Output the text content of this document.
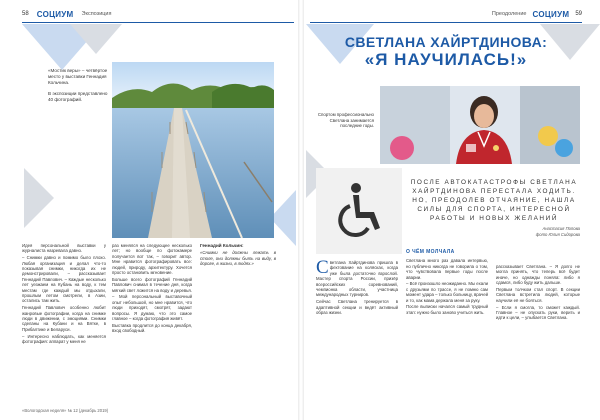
58 СОЦИУМ Экспозиция

«Мостик веры» – четвёртое место у выставки Геннадия Кольчина.

В экспозиции представлено 40 фотографий.

Идея персональной выставки у журналиста назревала давно.

– Снимки давно и помимо было плохо. Любая организация и делал что-то показывая снимки, никогда их не демонстрировали, – рассказывает Геннадий Павлович. – Каждые несколько лет уезжаем на Кубань на воду, к тем местам где каждый мы отдыхали, прошлым летом смотрели, в Азии, остались там жить.

Геннадий Павлович особенно любит жанровые фотографии, когда на снимке люди в движении, с эмоциями. Снимки сделаны на Кубани и на Вятке, в Прибалтике и Беларуси.

– Интересно наблюдать, как меняется фотография: аппарат у меня не

раз менялся на следующее несколько лет; но вообще по фотокамере получается вот так, – говорит автор. Мне нравится фотографировать все: людей, природу, архитектуру. Хочется просто остановить мгновение.

Больше всего фотографий Геннадий Павлович снимал в течение дня, когда мягкий свет ложится на воду и деревья.

– Мой персональный выставочный опыт небольшой, но мне нравится, что люди приходят, смотрят, задают вопросы. Я думаю, что это самое главное – когда фотография живёт.

Выставка продлится до конца декабря, вход свободный.

Геннадий Кольчин:

«Снимки не должны лежать в столе, они должны быть на виду, в дороге, в жизни, в людях.»

«Вологодская неделя» № 12 (декабрь 2019)
Преодоление СОЦИУМ 59
СВЕТЛАНА ХАЙРТДИНОВА:
«Я НАУЧИЛАСЬ!»
Спортом профессионально Светлана занимается последние годы.
ПОСЛЕ АВТОКАТАСТРОФЫ СВЕТЛАНА ХАЙРТДИНОВА ПЕРЕСТАЛА ХОДИТЬ. НО, ПРЕОДОЛЕВ ОТЧАЯНИЕ, НАШЛА СИЛЫ ДЛЯ СПОРТА, ИНТЕРЕСНОЙ РАБОТЫ И НОВЫХ ЖЕЛАНИЙ
Анастасия Попова
фото Юлия Сидорова

Светлана Хайртдинова пришла в фехтование на колясках, когда уже была достаточно взрослой. Мастер спорта России, призёр всероссийских соревнований, чемпионка области, участница международных турниров.

Сейчас Светлана тренируется в адаптивной секции и ведёт активный образ жизни.

О ЧЁМ МОЛЧАЛА

Светлана много раз давала интервью, но публично никогда не говорила о том, что чувствовала первые годы после аварии.

– Всё произошло неожиданно. Мы ехали с друзьями по трассе, я не помню сам момент удара – только больницу, врачей и то, как мама держала меня за руку.

После выписки начался самый трудный этап: нужно было заново учиться жить.

рассказывает Светлана. – Я долго не могла принять, что теперь всё будет иначе, но однажды поняла: либо я сдамся, либо буду жить дальше.

Первым толчком стал спорт. В секции Светлана встретила людей, которые научили её не бояться.

– Если я смогла, то сможет каждый. Главное – не опускать руки, верить и идти к цели, – улыбается Светлана.
